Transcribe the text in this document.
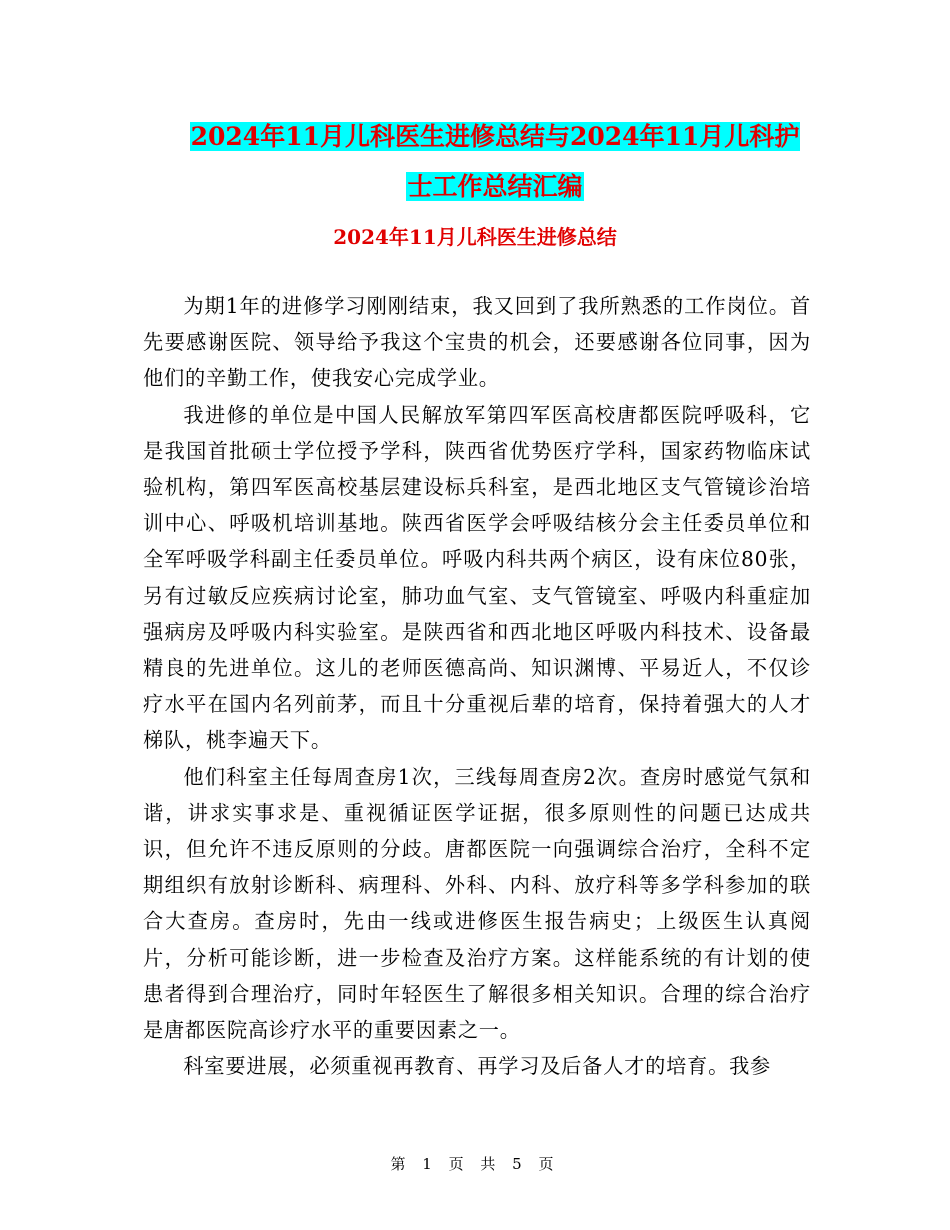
2024年11月儿科医生进修总结与2024年11月儿科护
士工作总结汇编
2024年11月儿科医生进修总结

为期1年的进修学习刚刚结束，我又回到了我所熟悉的工作岗位。首先要感谢医院、领导给予我这个宝贵的机会，还要感谢各位同事，因为他们的辛勤工作，使我安心完成学业。

我进修的单位是中国人民解放军第四军医高校唐都医院呼吸科，它是我国首批硕士学位授予学科，陕西省优势医疗学科，国家药物临床试验机构，第四军医高校基层建设标兵科室，是西北地区支气管镜诊治培训中心、呼吸机培训基地。陕西省医学会呼吸结核分会主任委员单位和全军呼吸学科副主任委员单位。呼吸内科共两个病区，设有床位80张，另有过敏反应疾病讨论室，肺功血气室、支气管镜室、呼吸内科重症加强病房及呼吸内科实验室。是陕西省和西北地区呼吸内科技术、设备最精良的先进单位。这儿的老师医德高尚、知识渊博、平易近人，不仅诊疗水平在国内名列前茅，而且十分重视后辈的培育，保持着强大的人才梯队，桃李遍天下。

他们科室主任每周查房1次，三线每周查房2次。查房时感觉气氛和谐，讲求实事求是、重视循证医学证据，很多原则性的问题已达成共识，但允许不违反原则的分歧。唐都医院一向强调综合治疗，全科不定期组织有放射诊断科、病理科、外科、内科、放疗科等多学科参加的联合大查房。查房时，先由一线或进修医生报告病史；上级医生认真阅片，分析可能诊断，进一步检查及治疗方案。这样能系统的有计划的使患者得到合理治疗，同时年轻医生了解很多相关知识。合理的综合治疗是唐都医院高诊疗水平的重要因素之一。

科室要进展，必须重视再教育、再学习及后备人才的培育。我参

第 1 页 共 5 页
